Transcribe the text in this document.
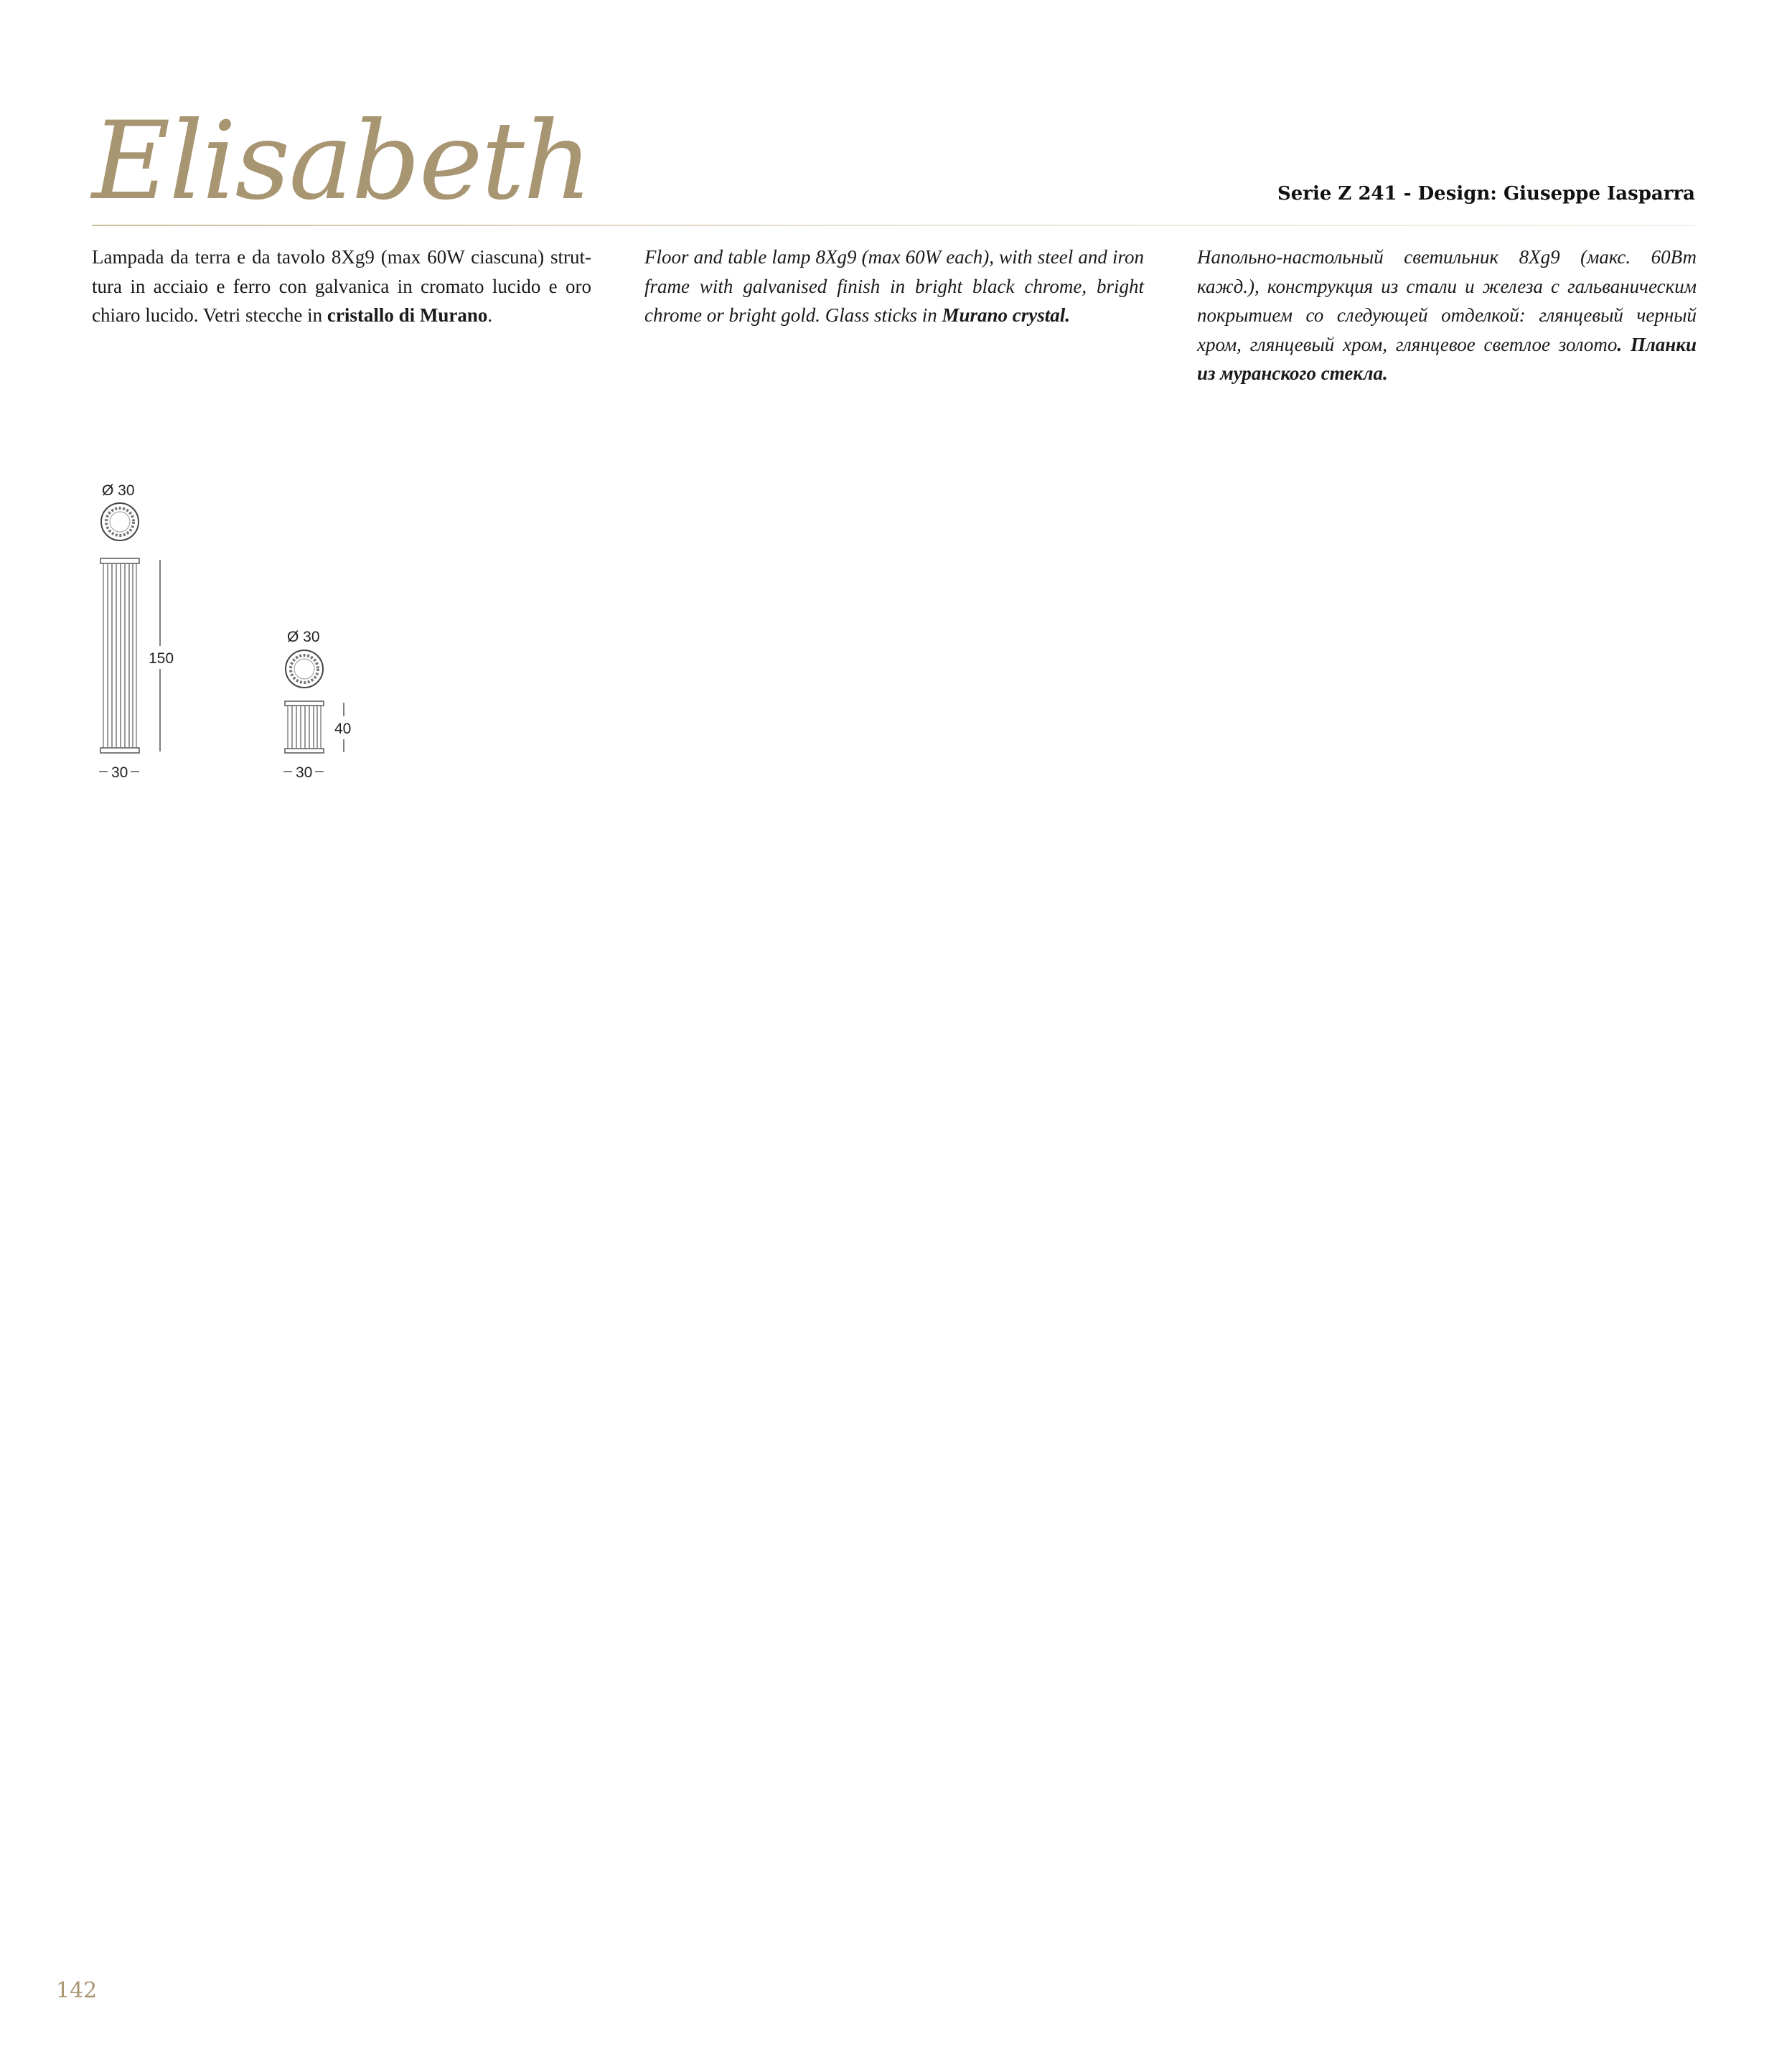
Elisabeth	Serie Z 241 - Design: Giuseppe Iasparra

Lampada da terra e da tavolo 8Xg9 (max 60W ciascuna) struttura in acciaio e ferro con galvanica in cromato lucido e oro chiaro lucido. Vetri stecche in cristallo di Murano.

Floor and table lamp 8Xg9 (max 60W each), with steel and iron frame with galvanised finish in bright black chrome, bright chrome or bright gold. Glass sticks in Murano crystal.

Напольно-настольный светильник 8Xg9 (макс. 60Вт кажд.), конструкция из стали и железа с гальваническим покрытием со следующей отделкой: глянцевый черный хром, глянцевый хром, глянцевое светлое золото. Планки из муранского стекла.

Ø 30
150
30
Ø 30
40
30
142
